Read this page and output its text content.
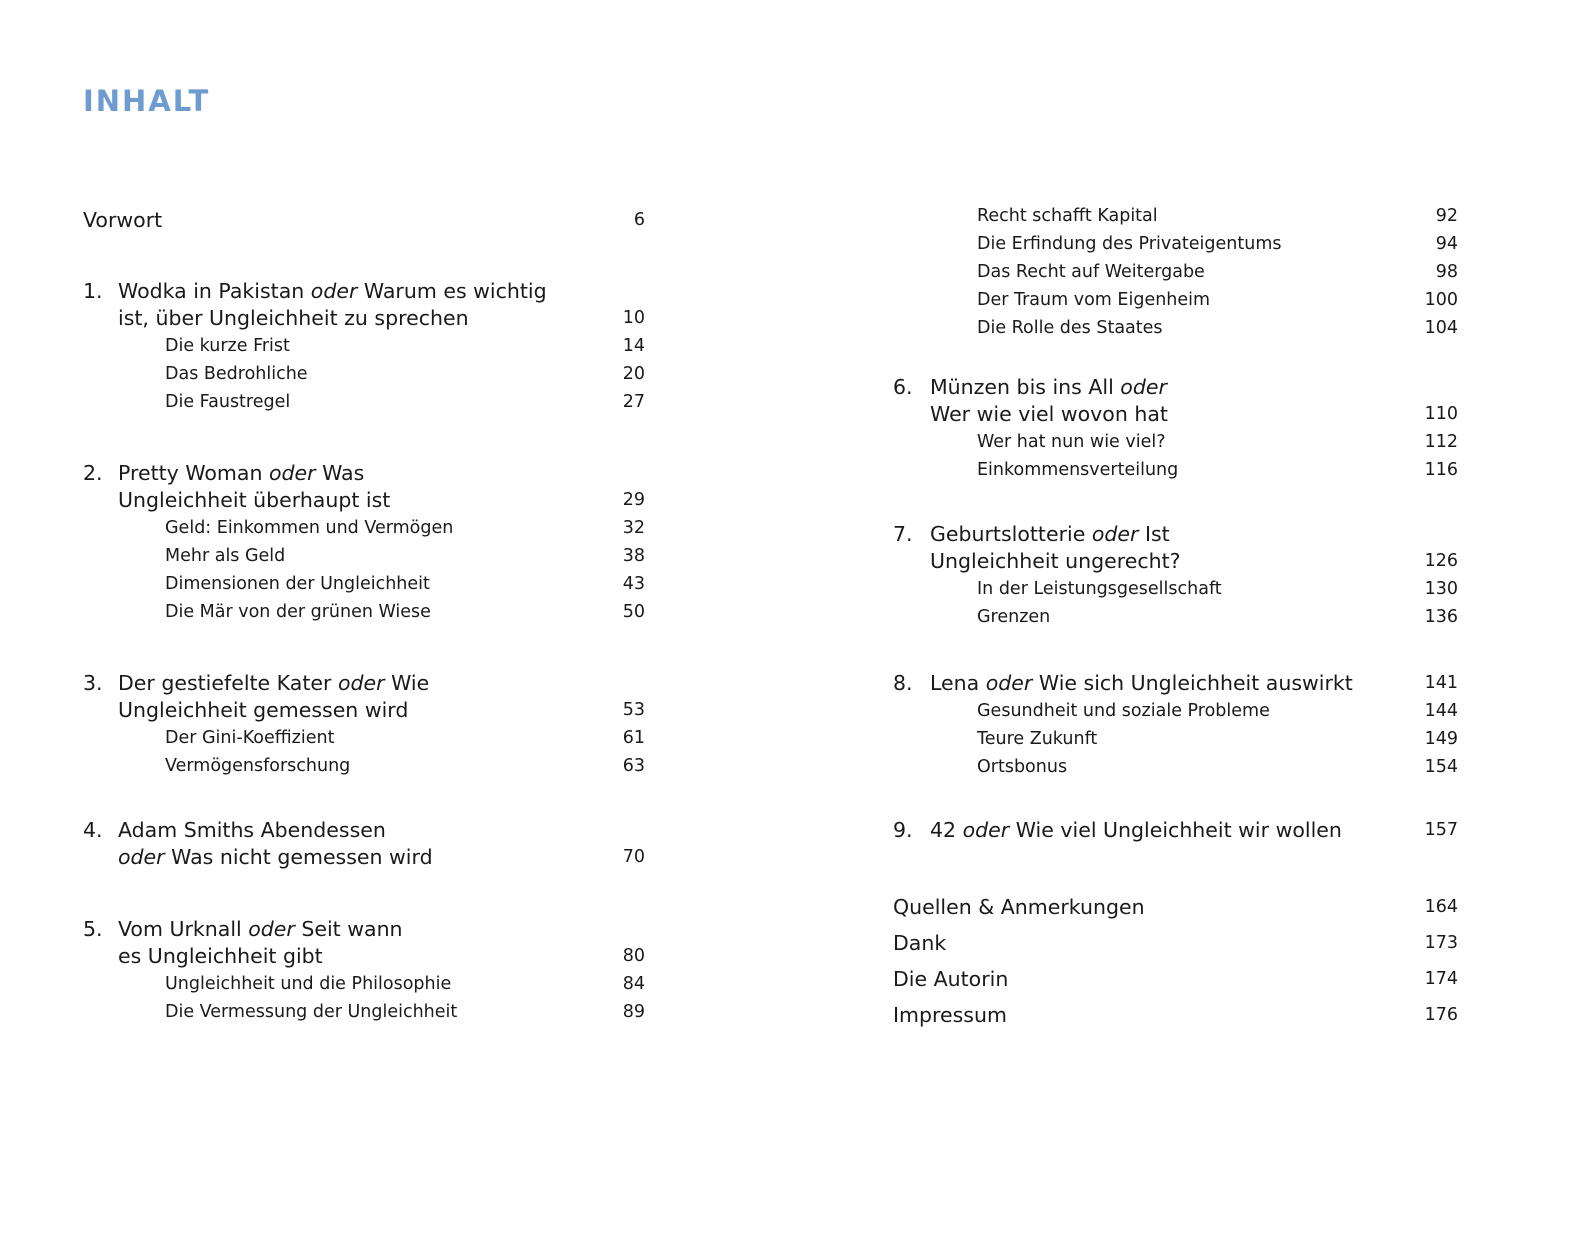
INHALT
Vorwort	6
1. Wodka in Pakistan oder Warum es wichtig
ist, über Ungleichheit zu sprechen	10
Die kurze Frist	14
Das Bedrohliche	20
Die Faustregel	27
2. Pretty Woman oder Was
Ungleichheit überhaupt ist	29
Geld: Einkommen und Vermögen	32
Mehr als Geld	38
Dimensionen der Ungleichheit	43
Die Mär von der grünen Wiese	50
3. Der gestiefelte Kater oder Wie
Ungleichheit gemessen wird	53
Der Gini-Koeffizient	61
Vermögensforschung	63
4. Adam Smiths Abendessen
oder Was nicht gemessen wird	70
5. Vom Urknall oder Seit wann
es Ungleichheit gibt	80
Ungleichheit und die Philosophie	84
Die Vermessung der Ungleichheit	89
Recht schafft Kapital	92
Die Erfindung des Privateigentums	94
Das Recht auf Weitergabe	98
Der Traum vom Eigenheim	100
Die Rolle des Staates	104
6. Münzen bis ins All oder
Wer wie viel wovon hat	110
Wer hat nun wie viel?	112
Einkommensverteilung	116
7. Geburtslotterie oder Ist
Ungleichheit ungerecht?	126
In der Leistungsgesellschaft	130
Grenzen	136
8. Lena oder Wie sich Ungleichheit auswirkt	141
Gesundheit und soziale Probleme	144
Teure Zukunft	149
Ortsbonus	154
9. 42 oder Wie viel Ungleichheit wir wollen	157
Quellen & Anmerkungen	164
Dank	173
Die Autorin	174
Impressum	176
